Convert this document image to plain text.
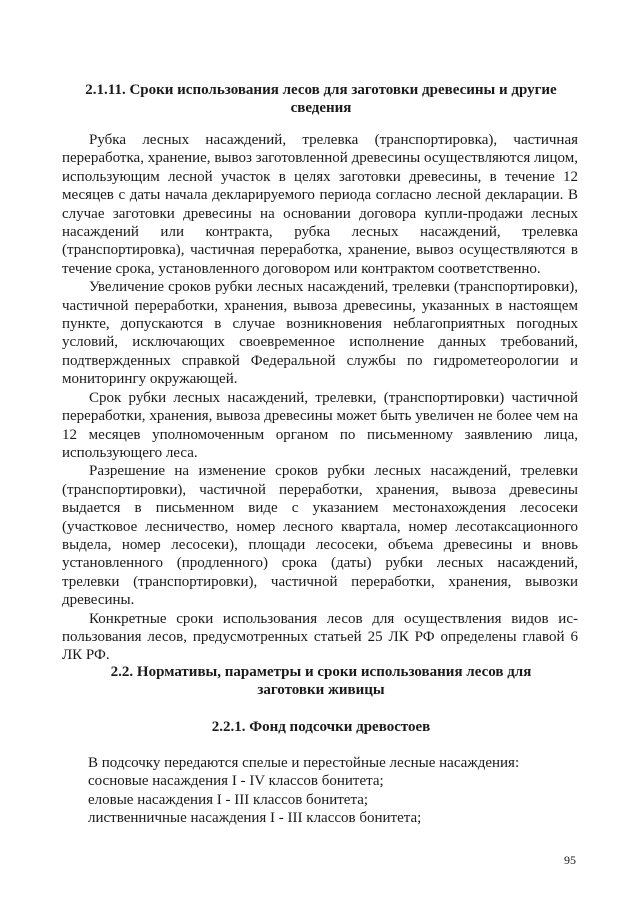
2.1.11. Сроки использования лесов для заготовки древесины и другие сведения

Рубка лесных насаждений, трелевка (транспортировка), частичная переработка, хранение, вывоз заготовленной древесины осуществляются лицом, использующим лесной участок в целях заготовки древесины, в течение 12 месяцев с даты начала декларируемого периода согласно лесной декларации. В случае заготовки древесины на основании договора купли-продажи лесных насаждений или контракта, рубка лесных насаждений, трелевка (транспортировка), частичная переработка, хранение, вывоз осуществляются в течение срока, установленного договором или контрактом соответственно.

Увеличение сроков рубки лесных насаждений, трелевки (транспортировки), частичной переработки, хранения, вывоза древесины, указанных в настоящем пункте, допускаются в случае возникновения неблагоприятных погодных условий, исключающих своевременное исполнение данных требований, подтвержденных справкой Федеральной службы по гидрометеорологии и мониторингу окружающей.

Срок рубки лесных насаждений, трелевки, (транспортировки) частичной переработки, хранения, вывоза древесины может быть увеличен не более чем на 12 месяцев уполномоченным органом по письменному заявлению лица, использующего леса.

Разрешение на изменение сроков рубки лесных насаждений, трелевки (транспортировки), частичной переработки, хранения, вывоза древесины выдается в письменном виде с указанием местонахождения лесосеки (участковое лесничество, номер лесного квартала, номер лесотаксационного выдела, номер лесосеки), площади лесосеки, объема древесины и вновь установленного (продленного) срока (даты) рубки лесных насаждений, трелевки (транспортировки), частичной переработки, хранения, вывозки древесины.

Конкретные сроки использования лесов для осуществления видов ис-пользования лесов, предусмотренных статьей 25 ЛК РФ определены главой 6 ЛК РФ.

2.2. Нормативы, параметры и сроки использования лесов для заготовки живицы
2.2.1. Фонд подсочки древостоев
В подсочку передаются спелые и перестойные лесные насаждения:
сосновые насаждения I - IV классов бонитета;
еловые насаждения I - III классов бонитета;
лиственничные насаждения I - III классов бонитета;
95
